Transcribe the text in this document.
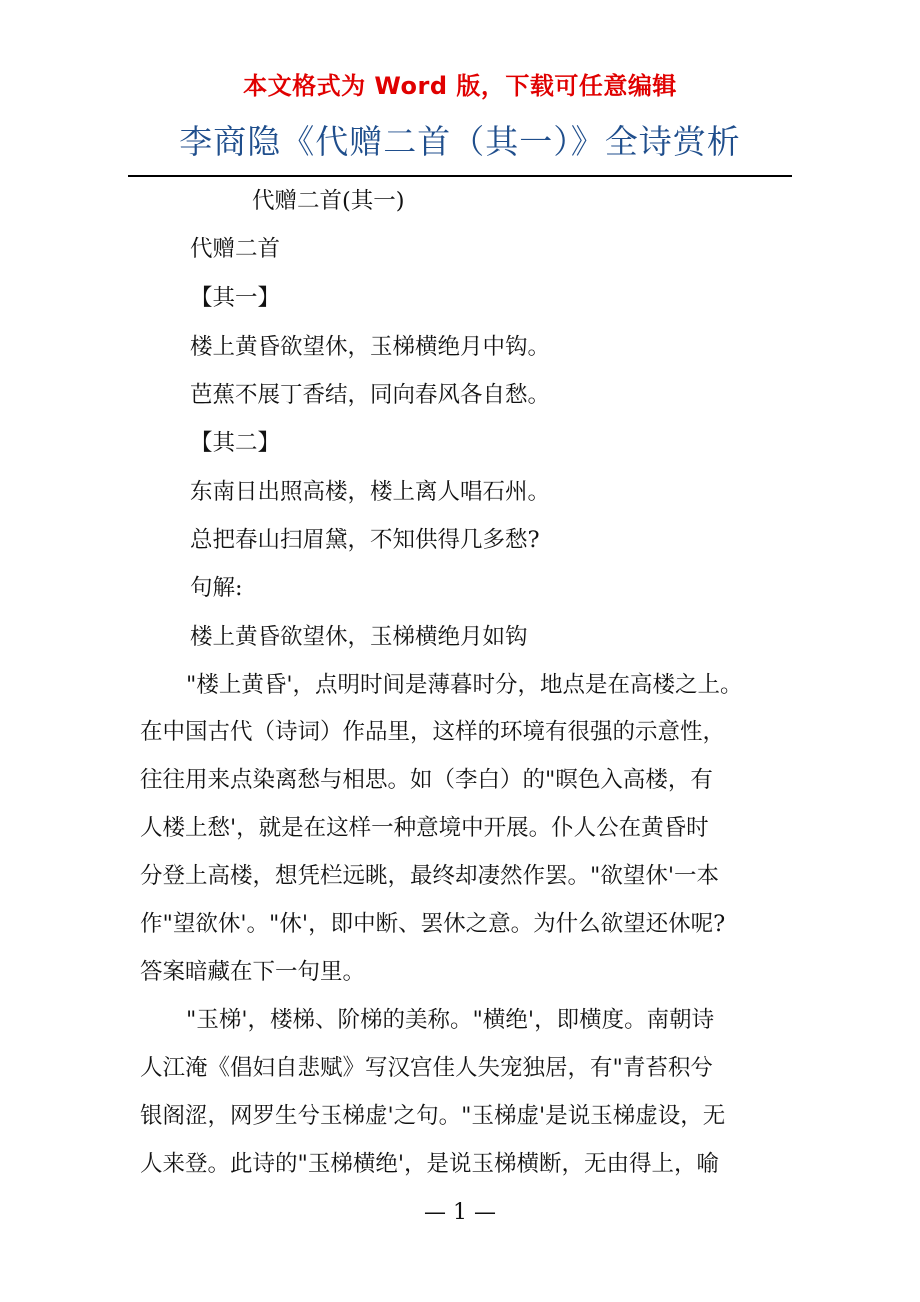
本文格式为 Word 版，下载可任意编辑
李商隐《代赠二首（其一）》全诗赏析
代赠二首(其一)
代赠二首
【其一】
楼上黄昏欲望休，玉梯横绝月中钩。
芭蕉不展丁香结，同向春风各自愁。
【其二】
东南日出照高楼，楼上离人唱石州。
总把春山扫眉黛，不知供得几多愁?
句解:
楼上黄昏欲望休，玉梯横绝月如钩
"楼上黄昏'，点明时间是薄暮时分，地点是在高楼之上。
在中国古代（诗词）作品里，这样的环境有很强的示意性，
往往用来点染离愁与相思。如（李白）的"暝色入高楼，有
人楼上愁'，就是在这样一种意境中开展。仆人公在黄昏时
分登上高楼，想凭栏远眺，最终却凄然作罢。"欲望休'一本
作"望欲休'。"休'，即中断、罢休之意。为什么欲望还休呢?
答案暗藏在下一句里。
"玉梯'，楼梯、阶梯的美称。"横绝'，即横度。南朝诗
人江淹《倡妇自悲赋》写汉宫佳人失宠独居，有"青苔积兮
银阁涩，网罗生兮玉梯虚'之句。"玉梯虚'是说玉梯虚设，无
人来登。此诗的"玉梯横绝'，是说玉梯横断，无由得上，喻
— 1 —
